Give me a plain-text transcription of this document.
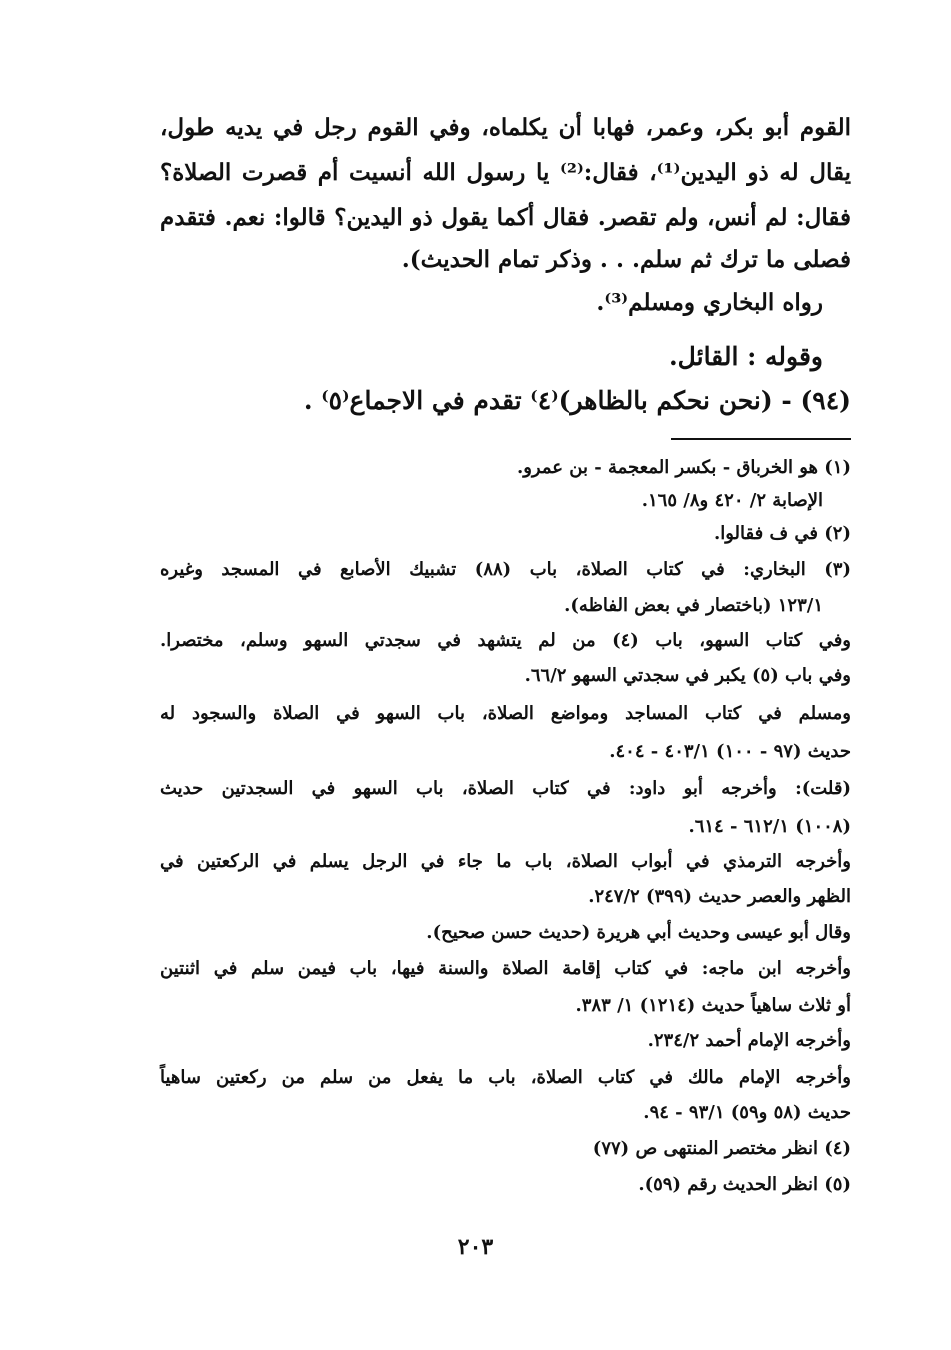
القوم أبو بكر، وعمر، فهابا أن يكلماه، وفي القوم رجل في يديه طول،
يقال له ذو اليدين⁽¹⁾، فقال:⁽²⁾ يا رسول الله أنسيت أم قصرت الصلاة؟
فقال: لم أنس، ولم تقصر. فقال أكما يقول ذو اليدين؟ قالوا: نعم. فتقدم
فصلى ما ترك ثم سلم. . . وذكر تمام الحديث).
رواه البخاري ومسلم⁽³⁾.
وقوله : القائل.
(٩٤) - (نحن نحكم بالظاهر)⁽٤⁾ تقدم في الاجماع⁽٥⁾ .
(١) هو الخرباق - بكسر المعجمة - بن عمرو.
الإصابة ٢/ ٤٢٠ و٨/ ١٦٥.
(٢) في ف فقالوا.
(٣) البخاري: في كتاب الصلاة، باب (٨٨) تشبيك الأصابع في المسجد وغيره
١٢٣/١ (باختصار في بعض الفاظه).
وفي كتاب السهو، باب (٤) من لم يتشهد في سجدتي السهو وسلم، مختصرا.
وفي باب (٥) يكبر في سجدتي السهو ٦٦/٢.
ومسلم في كتاب المساجد ومواضع الصلاة، باب السهو في الصلاة والسجود له
حديث (٩٧ - ١٠٠) ٤٠٣/١ - ٤٠٤.
(قلت): وأخرجه أبو داود: في كتاب الصلاة، باب السهو في السجدتين حديث
(١٠٠٨) ٦١٢/١ - ٦١٤.
وأخرجه الترمذي في أبواب الصلاة، باب ما جاء في الرجل يسلم في الركعتين في
الظهر والعصر حديث (٣٩٩) ٢٤٧/٢.
وقال أبو عيسى وحديث أبي هريرة (حديث حسن صحيح).
وأخرجه ابن ماجه: في كتاب إقامة الصلاة والسنة فيها، باب فيمن سلم في اثنتين
أو ثلاث ساهياً حديث (١٢١٤) ١/ ٣٨٣.
وأخرجه الإمام أحمد ٢٣٤/٢.
وأخرجه الإمام مالك في كتاب الصلاة، باب ما يفعل من سلم من ركعتين ساهياً
حديث (٥٨ و٥٩) ٩٣/١ - ٩٤.
(٤) انظر مختصر المنتهى ص (٧٧)
(٥) انظر الحديث رقم (٥٩).
٢٠٣
